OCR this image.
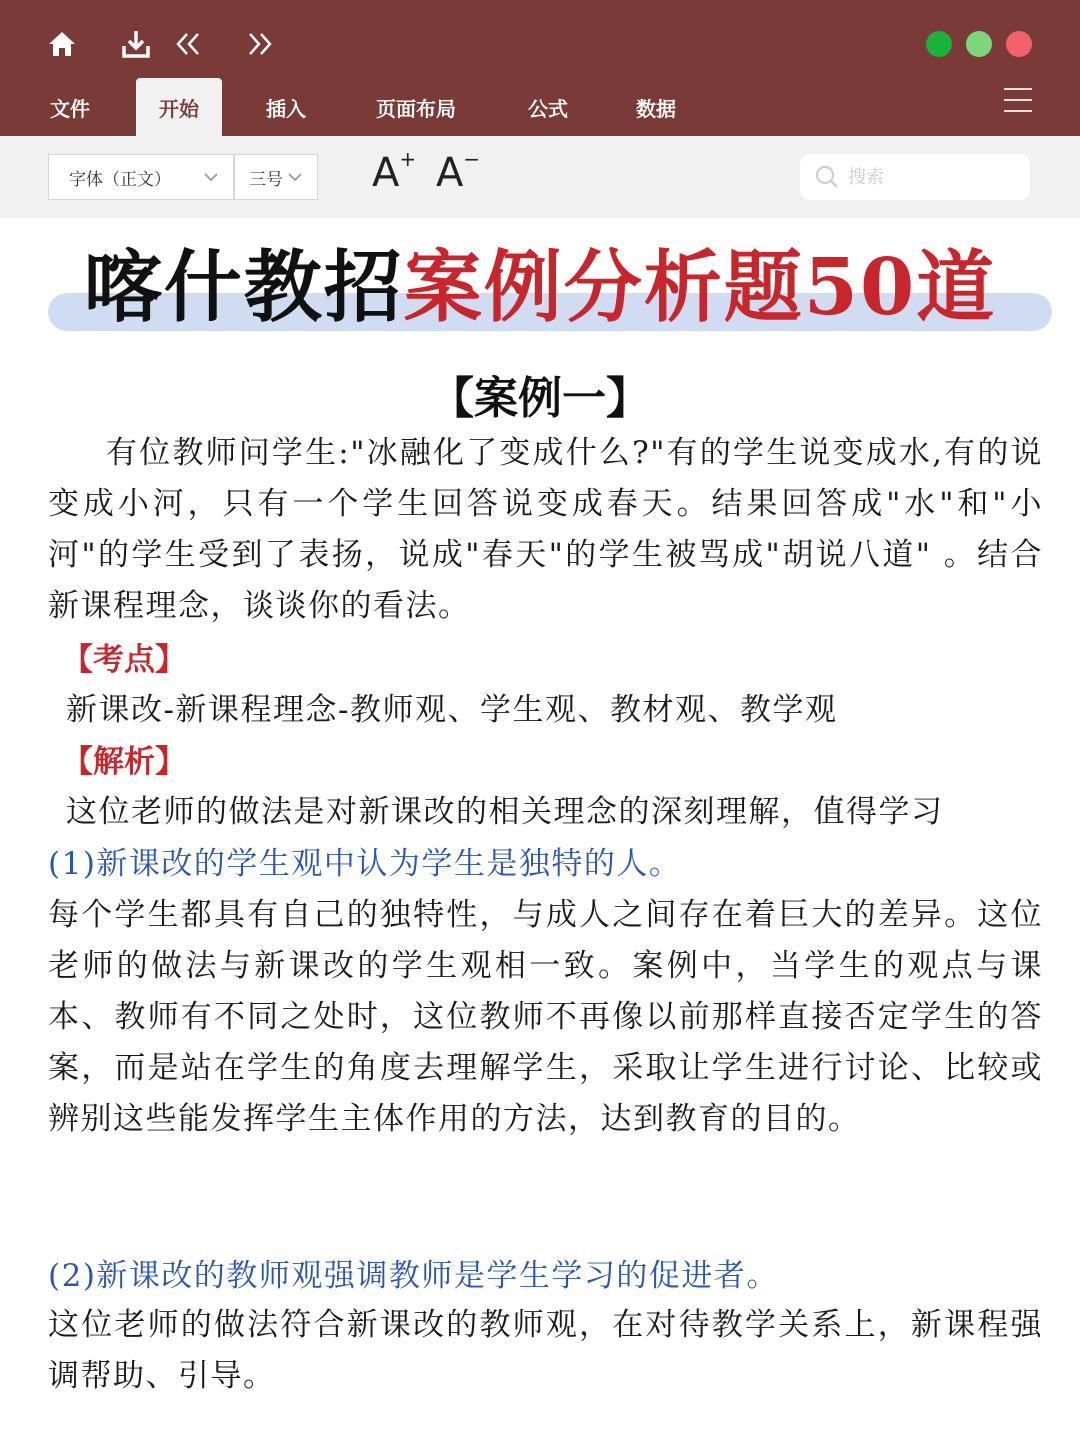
文件	开始	插入	页面布局	公式	数据
字体（正文）	三号 A+ A−
搜索
喀什教招案例分析题50道
【案例一】
有位教师问学生:"冰融化了变成什么?"有的学生说变成水,有的说变成小河，只有一个学生回答说变成春天。结果回答成"水"和"小河"的学生受到了表扬，说成"春天"的学生被骂成"胡说八道" 。结合新课程理念，谈谈你的看法。
【考点】
新课改-新课程理念-教师观、学生观、教材观、教学观
【解析】
这位老师的做法是对新课改的相关理念的深刻理解，值得学习
(1)新课改的学生观中认为学生是独特的人。
每个学生都具有自己的独特性，与成人之间存在着巨大的差异。这位老师的做法与新课改的学生观相一致。案例中，当学生的观点与课本、教师有不同之处时，这位教师不再像以前那样直接否定学生的答案，而是站在学生的角度去理解学生，采取让学生进行讨论、比较或辨别这些能发挥学生主体作用的方法，达到教育的目的。
(2)新课改的教师观强调教师是学生学习的促进者。
这位老师的做法符合新课改的教师观，在对待教学关系上，新课程强调帮助、引导。
